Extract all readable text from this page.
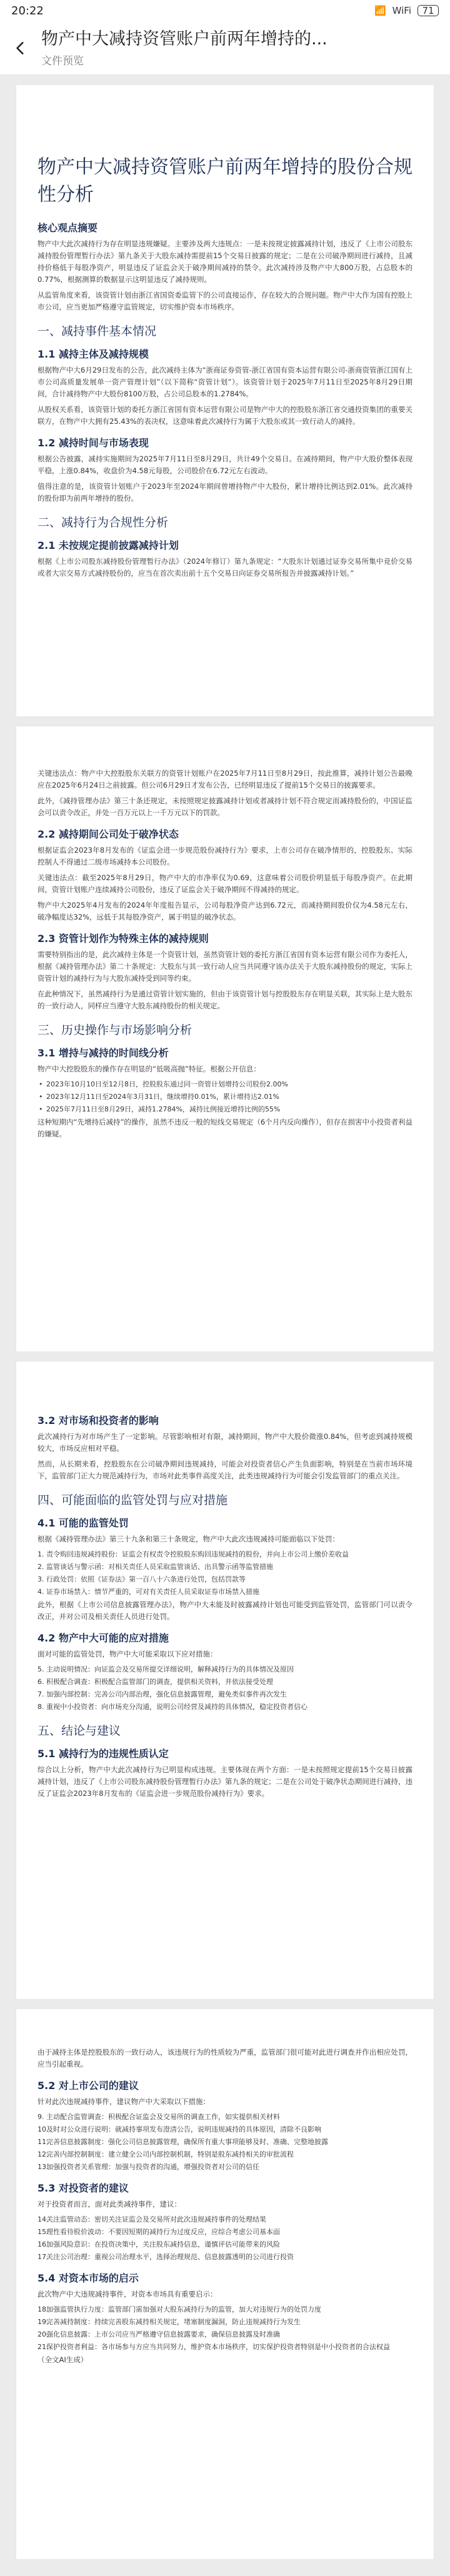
20:22	📶 WiFi	71
物产中大减持资管账户前两年增持的...
文件预览
物产中大减持资管账户前两年增持的股份合规性分析
核心观点摘要

物产中大此次减持行为存在明显违规嫌疑。主要涉及两大违规点：一是未按规定披露减持计划，违反了《上市公司股东减持股份管理暂行办法》第九条关于大股东减持需提前15个交易日披露的规定；二是在公司破净期间进行减持，且减持价格低于每股净资产，明显违反了证监会关于破净期间减持的禁令。此次减持涉及物产中大800万股，占总股本的0.77%，根据测算的数据显示这明显违反了减持规则。

从监管角度来看，该资管计划由浙江省国资委监管下的公司直接运作，存在较大的合规问题。物产中大作为国有控股上市公司，应当更加严格遵守监管规定，切实维护资本市场秩序。

一、减持事件基本情况
1.1 减持主体及减持规模

根据物产中大6月29日发布的公告，此次减持主体为“浙商证券资管-浙江省国有资本运营有限公司-浙商资管浙江国有上市公司高质量发展单一资产管理计划”（以下简称“资管计划”）。该资管计划于2025年7月11日至2025年8月29日期间，合计减持物产中大股份8100万股，占公司总股本的1.2784%。

从股权关系看，该资管计划的委托方浙江省国有资本运营有限公司是物产中大的控股股东浙江省交通投资集团的重要关联方，在物产中大拥有25.43%的表决权，这意味着此次减持行为属于大股东或其一致行动人的减持。

1.2 减持时间与市场表现

根据公告披露，减持实施期间为2025年7月11日至8月29日，共计49个交易日。在减持期间，物产中大股价整体表现平稳，上涨0.84%，收盘价为4.58元每股，公司股价在6.72元左右波动。

值得注意的是，该资管计划账户于2023年至2024年期间曾增持物产中大股份，累计增持比例达到2.01%。此次减持的股份即为前两年增持的股份。

二、减持行为合规性分析
2.1 未按规定提前披露减持计划

根据《上市公司股东减持股份管理暂行办法》（2024年修订）第九条规定：“大股东计划通过证券交易所集中竞价交易或者大宗交易方式减持股份的，应当在首次卖出前十五个交易日向证券交易所报告并披露减持计划。”

关键违法点：物产中大控股股东关联方的资管计划账户在2025年7月11日至8月29日，按此推算，减持计划公告最晚应在2025年6月24日之前披露。但公司6月29日才发布公告，已经明显违反了提前15个交易日的披露要求。

此外，《减持管理办法》第三十条还规定，未按照规定披露减持计划或者减持计划不符合规定而减持股份的，中国证监会可以责令改正，并处一百万元以上一千万元以下的罚款。

2.2 减持期间公司处于破净状态

根据证监会2023年8月发布的《证监会进一步规范股份减持行为》要求，上市公司存在破净情形的，控股股东、实际控制人不得通过二级市场减持本公司股份。

关键违法点：截至2025年8月29日，物产中大的市净率仅为0.69，这意味着公司股价明显低于每股净资产。在此期间，资管计划账户连续减持公司股份，违反了证监会关于破净期间不得减持的规定。

物产中大2025年4月发布的2024年年度报告显示，公司每股净资产达到6.72元，而减持期间股价仅为4.58元左右，破净幅度达32%，远低于其每股净资产，属于明显的破净状态。

2.3 资管计划作为特殊主体的减持规则

需要特别指出的是，此次减持主体是一个资管计划，虽然资管计划的委托方浙江省国有资本运营有限公司作为委托人，根据《减持管理办法》第二十条规定：大股东与其一致行动人应当共同遵守该办法关于大股东减持股份的规定，实际上资管计划的减持行为与大股东减持受到同等约束。

在此种情况下，虽然减持行为是通过资管计划实施的，但由于该资管计划与控股股东存在明显关联，其实际上是大股东的一致行动人，同样应当遵守大股东减持股份的相关规定。

三、历史操作与市场影响分析
3.1 增持与减持的时间线分析

物产中大控股股东的操作存在明显的“低吸高抛”特征。根据公开信息：

• 2023年10月10日至12月8日，控股股东通过同一资管计划增持公司股份2.00%
• 2023年12月11日至2024年3月31日，继续增持0.01%，累计增持达2.01%
• 2025年7月11日至8月29日，减持1.2784%，减持比例接近增持比例的55%

这种短期内“先增持后减持”的操作，虽然不违反一般的短线交易规定（6个月内反向操作），但存在损害中小投资者利益的嫌疑。

3.2 对市场和投资者的影响

此次减持行为对市场产生了一定影响。尽管影响相对有限，减持期间，物产中大股价微涨0.84%，但考虑到减持规模较大，市场反应相对平稳。

然而，从长期来看，控股股东在公司破净期间违规减持，可能会对投资者信心产生负面影响，特别是在当前市场环境下，监管部门正大力规范减持行为，市场对此类事件高度关注，此类违规减持行为可能会引发监管部门的重点关注。

四、可能面临的监管处罚与应对措施
4.1 可能的监管处罚

根据《减持管理办法》第三十九条和第三十条规定，物产中大此次违规减持可能面临以下处罚：

1. 责令购回违规减持股份：证监会有权责令控股股东购回违规减持的股份，并向上市公司上缴价差收益
2. 监管谈话与警示函：对相关责任人员采取监管谈话、出具警示函等监管措施
3. 行政处罚：依照《证券法》第一百八十六条进行处罚，包括罚款等
4. 证券市场禁入：情节严重的，可对有关责任人员采取证券市场禁入措施

此外，根据《上市公司信息披露管理办法》，物产中大未能及时披露减持计划也可能受到监管处罚，监管部门可以责令改正，并对公司及相关责任人员进行处罚。

4.2 物产中大可能的应对措施

面对可能的监管处罚，物产中大可能采取以下应对措施：

5. 主动说明情况：向证监会及交易所提交详细说明，解释减持行为的具体情况及原因
6. 积极配合调查：积极配合监管部门的调查，提供相关资料，并依法接受处理
7. 加强内部控制：完善公司内部治理，强化信息披露管理，避免类似事件再次发生
8. 重视中小投资者：向市场充分沟通，说明公司经营及减持的具体情况，稳定投资者信心
五、结论与建议
5.1 减持行为的违规性质认定

综合以上分析，物产中大此次减持行为已明显构成违规。主要体现在两个方面：一是未按照规定提前15个交易日披露减持计划，违反了《上市公司股东减持股份管理暂行办法》第九条的规定；二是在公司处于破净状态期间进行减持，违反了证监会2023年8月发布的《证监会进一步规范股份减持行为》要求。

由于减持主体是控股股东的一致行动人，该违规行为的性质较为严重，监管部门很可能对此进行调查并作出相应处罚，应当引起重视。

5.2 对上市公司的建议

针对此次违规减持事件，建议物产中大采取以下措施：

9. 主动配合监管调查：积极配合证监会及交易所的调查工作，如实提供相关材料
10.及时对公众进行说明：就减持事项发布澄清公告，说明违规减持的具体原因，清除不良影响
11.完善信息披露制度：强化公司信息披露管理，确保所有重大事项能够及时、准确、完整地披露
12.完善内部控制制度：建立健全公司内部控制机制，特别是股东减持相关的审批流程
13.加强投资者关系管理：加强与投资者的沟通，增强投资者对公司的信任
5.3 对投资者的建议

对于投资者而言，面对此类减持事件，建议：

14.关注监管动态：密切关注证监会及交易所对此次违规减持事件的处理结果
15.理性看待股价波动：不要因短期的减持行为过度反应，应综合考虑公司基本面
16.加强风险意识：在投资决策中，关注股东减持信息，谨慎评估可能带来的风险
17.关注公司治理：重视公司治理水平，选择治理规范、信息披露透明的公司进行投资
5.4 对资本市场的启示

此次物产中大违规减持事件，对资本市场具有重要启示：

18.加强监管执行力度：监管部门需加强对大股东减持行为的监管，加大对违规行为的处罚力度
19.完善减持制度：持续完善股东减持相关规定，堵塞制度漏洞，防止违规减持行为发生
20.强化信息披露：上市公司应当严格遵守信息披露要求，确保信息披露及时准确
21.保护投资者利益：各市场参与方应当共同努力，维护资本市场秩序，切实保护投资者特别是中小投资者的合法权益

（全文AI生成）
